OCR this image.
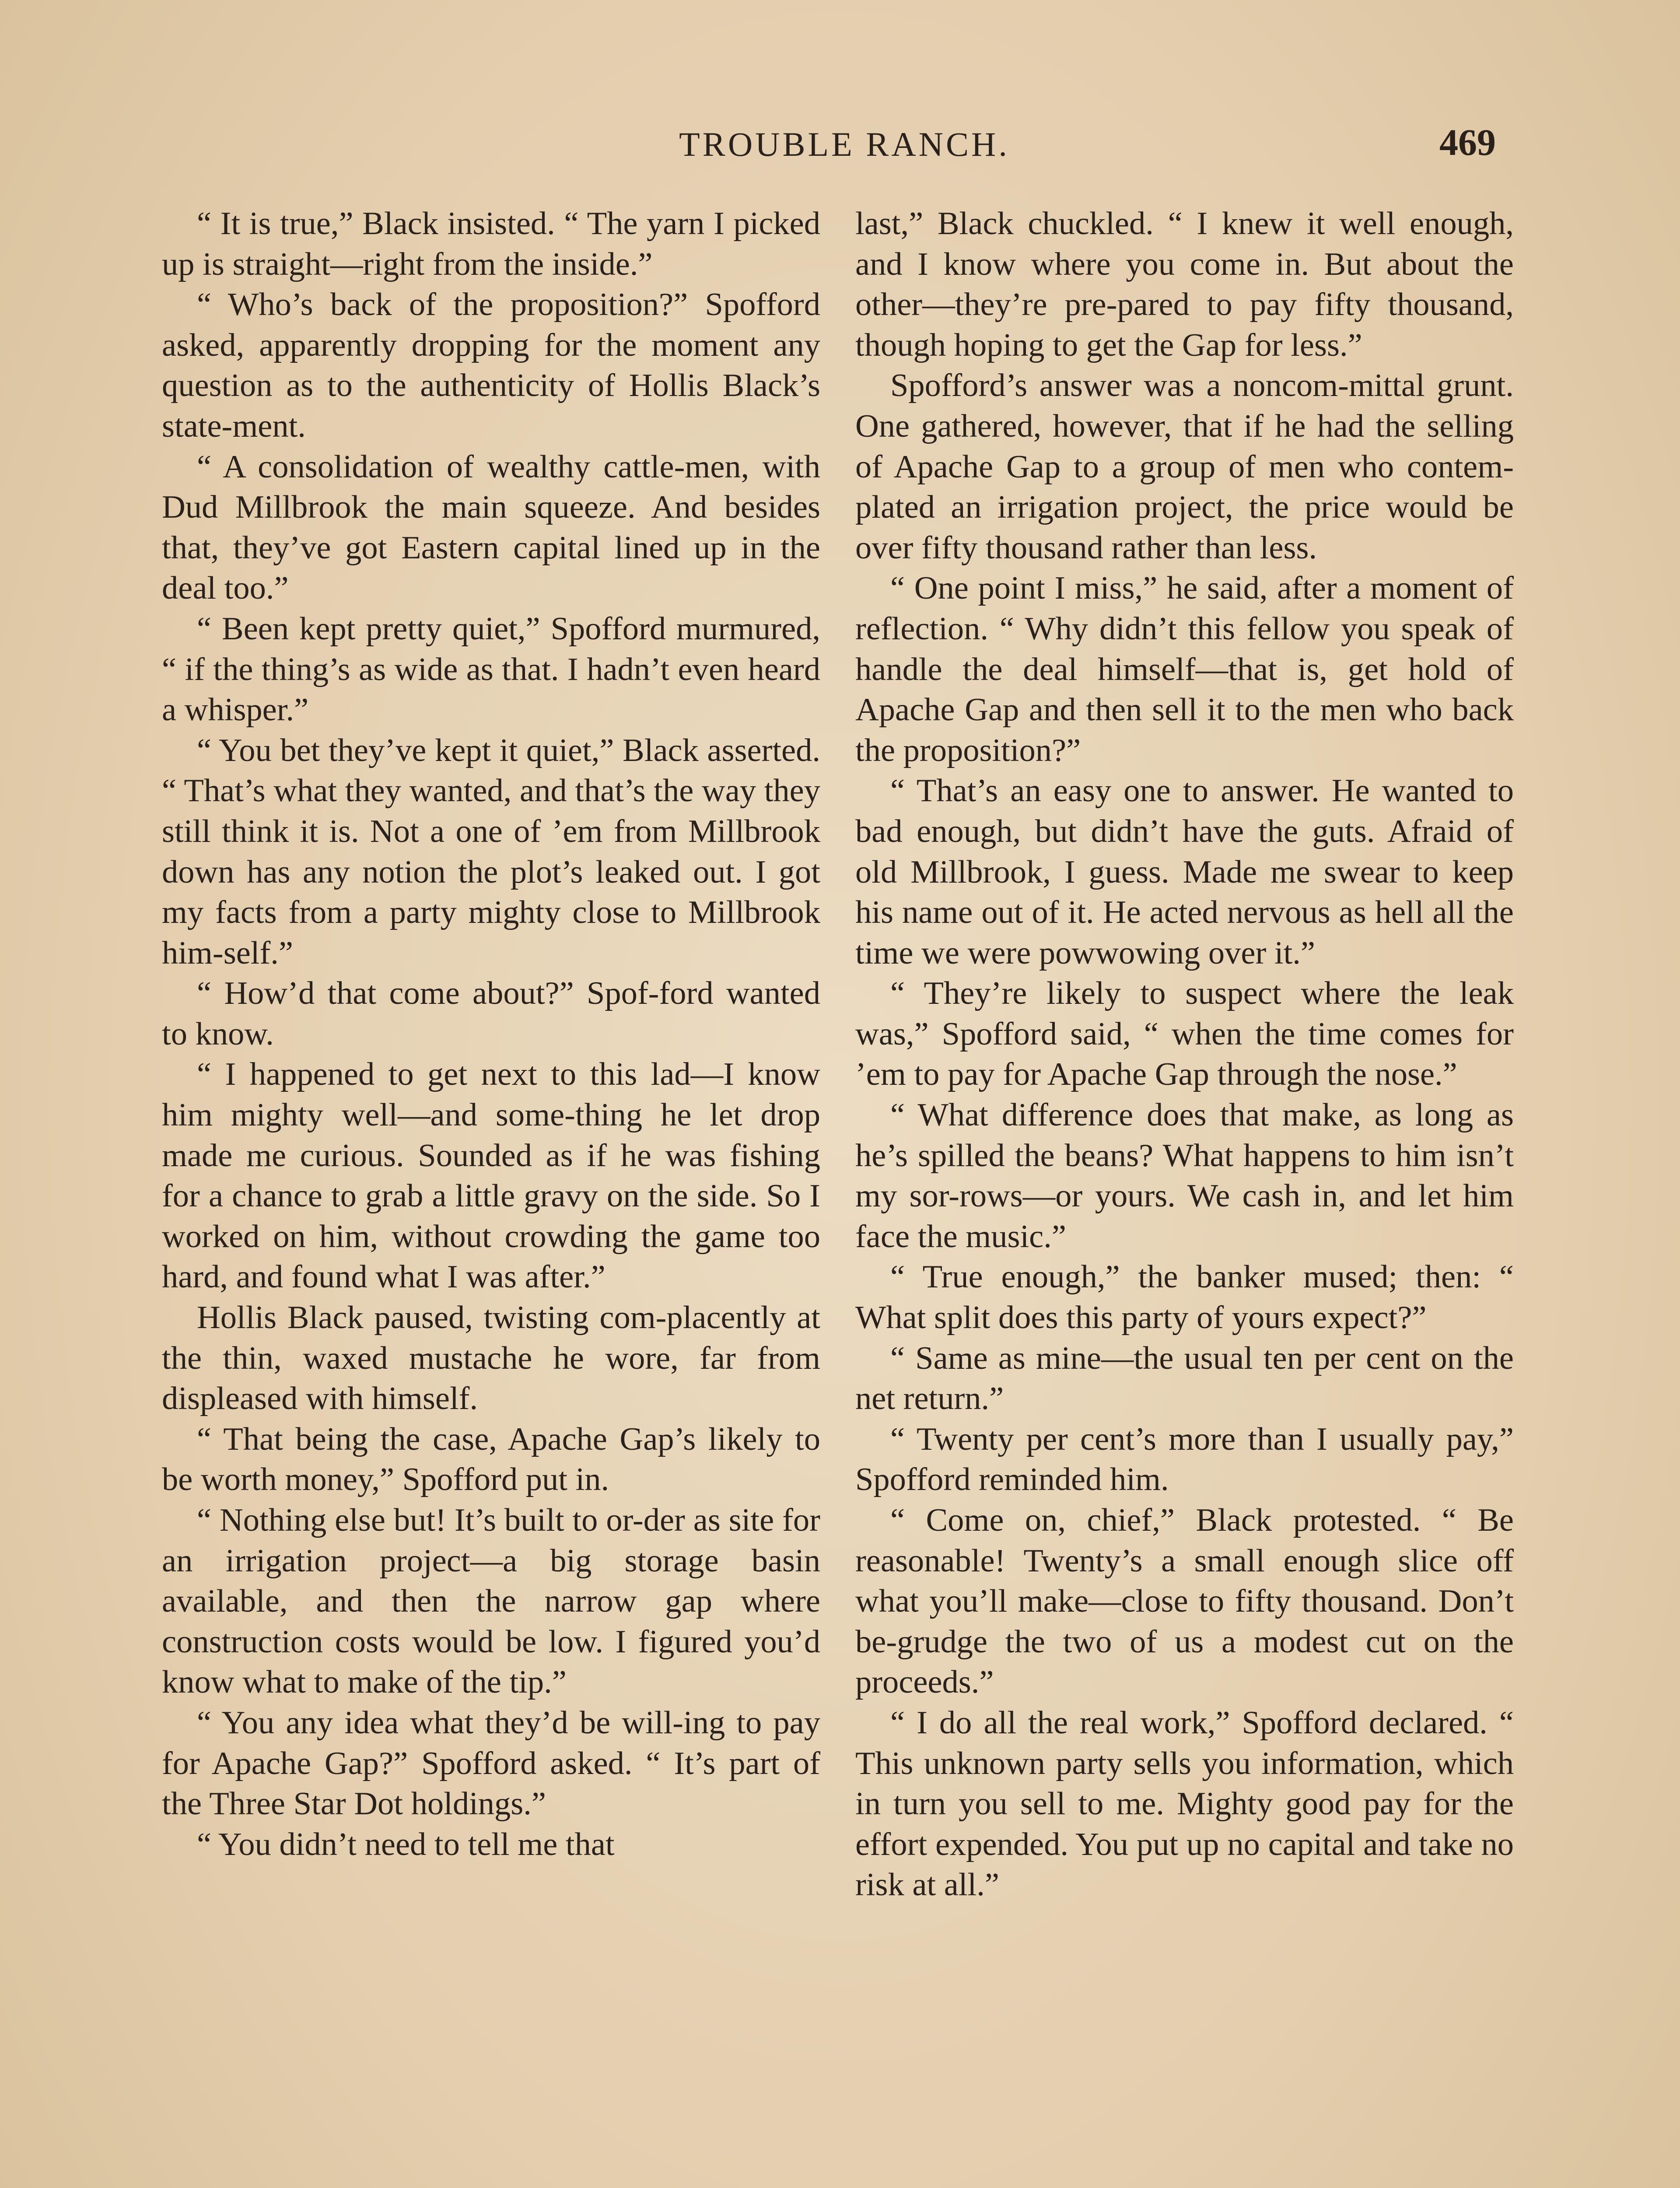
TROUBLE RANCH.	469

“ It is true,” Black insisted. “ The yarn I picked up is straight—right from the inside.”

“ Who’s back of the proposition?” Spofford asked, apparently dropping for the moment any question as to the authenticity of Hollis Black’s state-ment.

“ A consolidation of wealthy cattle-men, with Dud Millbrook the main squeeze. And besides that, they’ve got Eastern capital lined up in the deal too.”

“ Been kept pretty quiet,” Spofford murmured, “ if the thing’s as wide as that. I hadn’t even heard a whisper.”

“ You bet they’ve kept it quiet,” Black asserted. “ That’s what they wanted, and that’s the way they still think it is. Not a one of ’em from Millbrook down has any notion the plot’s leaked out. I got my facts from a party mighty close to Millbrook him-self.”

“ How’d that come about?” Spof-ford wanted to know.

“ I happened to get next to this lad—I know him mighty well—and some-thing he let drop made me curious. Sounded as if he was fishing for a chance to grab a little gravy on the side. So I worked on him, without crowding the game too hard, and found what I was after.”

Hollis Black paused, twisting com-placently at the thin, waxed mustache he wore, far from displeased with himself.

“ That being the case, Apache Gap’s likely to be worth money,” Spofford put in.

“ Nothing else but! It’s built to or-der as site for an irrigation project—a big storage basin available, and then the narrow gap where construction costs would be low. I figured you’d know what to make of the tip.”

“ You any idea what they’d be will-ing to pay for Apache Gap?” Spofford asked. “ It’s part of the Three Star Dot holdings.”

“ You didn’t need to tell me that

last,” Black chuckled. “ I knew it well enough, and I know where you come in. But about the other—they’re pre-pared to pay fifty thousand, though hoping to get the Gap for less.”

Spofford’s answer was a noncom-mittal grunt. One gathered, however, that if he had the selling of Apache Gap to a group of men who contem-plated an irrigation project, the price would be over fifty thousand rather than less.

“ One point I miss,” he said, after a moment of reflection. “ Why didn’t this fellow you speak of handle the deal himself—that is, get hold of Apache Gap and then sell it to the men who back the proposition?”

“ That’s an easy one to answer. He wanted to bad enough, but didn’t have the guts. Afraid of old Millbrook, I guess. Made me swear to keep his name out of it. He acted nervous as hell all the time we were powwowing over it.”

“ They’re likely to suspect where the leak was,” Spofford said, “ when the time comes for ’em to pay for Apache Gap through the nose.”

“ What difference does that make, as long as he’s spilled the beans? What happens to him isn’t my sor-rows—or yours. We cash in, and let him face the music.”

“ True enough,” the banker mused; then: “ What split does this party of yours expect?”

“ Same as mine—the usual ten per cent on the net return.”

“ Twenty per cent’s more than I usually pay,” Spofford reminded him.

“ Come on, chief,” Black protested. “ Be reasonable! Twenty’s a small enough slice off what you’ll make—close to fifty thousand. Don’t be-grudge the two of us a modest cut on the proceeds.”

“ I do all the real work,” Spofford declared. “ This unknown party sells you information, which in turn you sell to me. Mighty good pay for the effort expended. You put up no capital and take no risk at all.”
